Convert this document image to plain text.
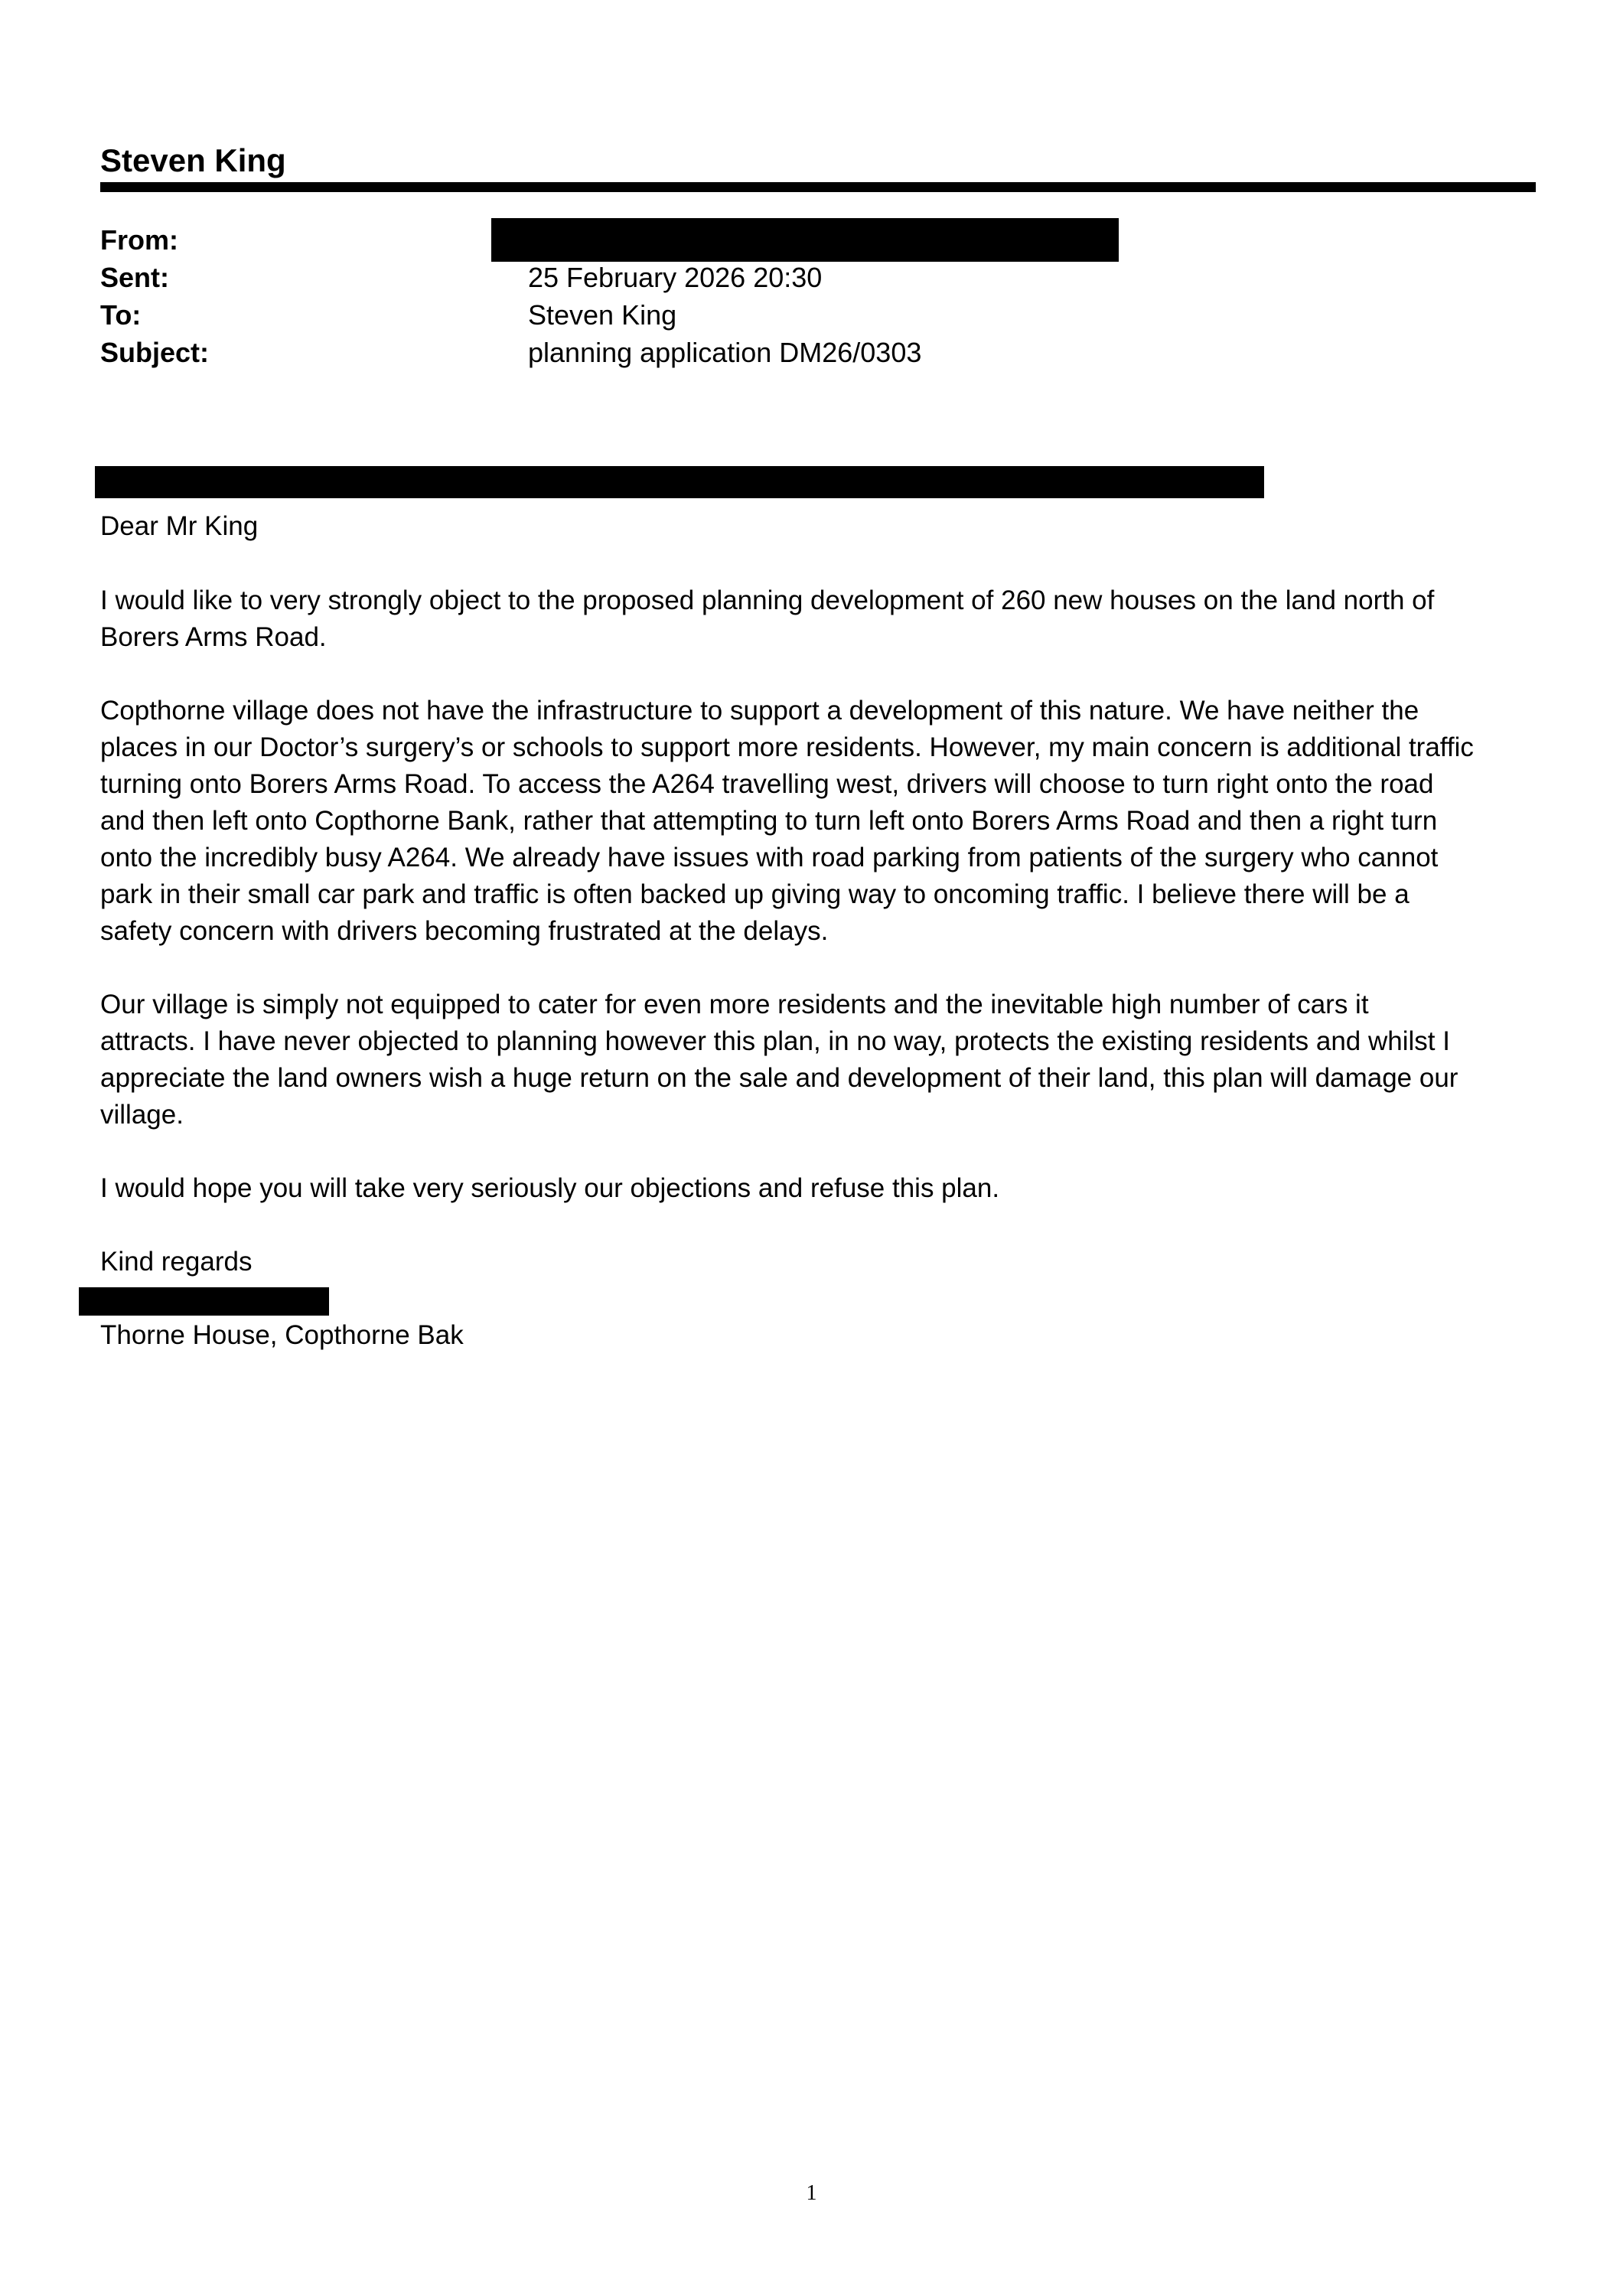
Steven King
From:
Sent:	25 February 2026 20:30
To:	Steven King
Subject:	planning application DM26/0303
Dear Mr King
I would like to very strongly object to the proposed planning development of 260 new houses on the land north of
Borers Arms Road.
Copthorne village does not have the infrastructure to support a development of this nature. We have neither the
places in our Doctor’s surgery’s or schools to support more residents. However, my main concern is additional traffic
turning onto Borers Arms Road. To access the A264 travelling west, drivers will choose to turn right onto the road
and then left onto Copthorne Bank, rather that attempting to turn left onto Borers Arms Road and then a right turn
onto the incredibly busy A264. We already have issues with road parking from patients of the surgery who cannot
park in their small car park and traffic is often backed up giving way to oncoming traffic. I believe there will be a
safety concern with drivers becoming frustrated at the delays.
Our village is simply not equipped to cater for even more residents and the inevitable high number of cars it
attracts. I have never objected to planning however this plan, in no way, protects the existing residents and whilst I
appreciate the land owners wish a huge return on the sale and development of their land, this plan will damage our
village.
I would hope you will take very seriously our objections and refuse this plan.
Kind regards
Thorne House, Copthorne Bak
1
